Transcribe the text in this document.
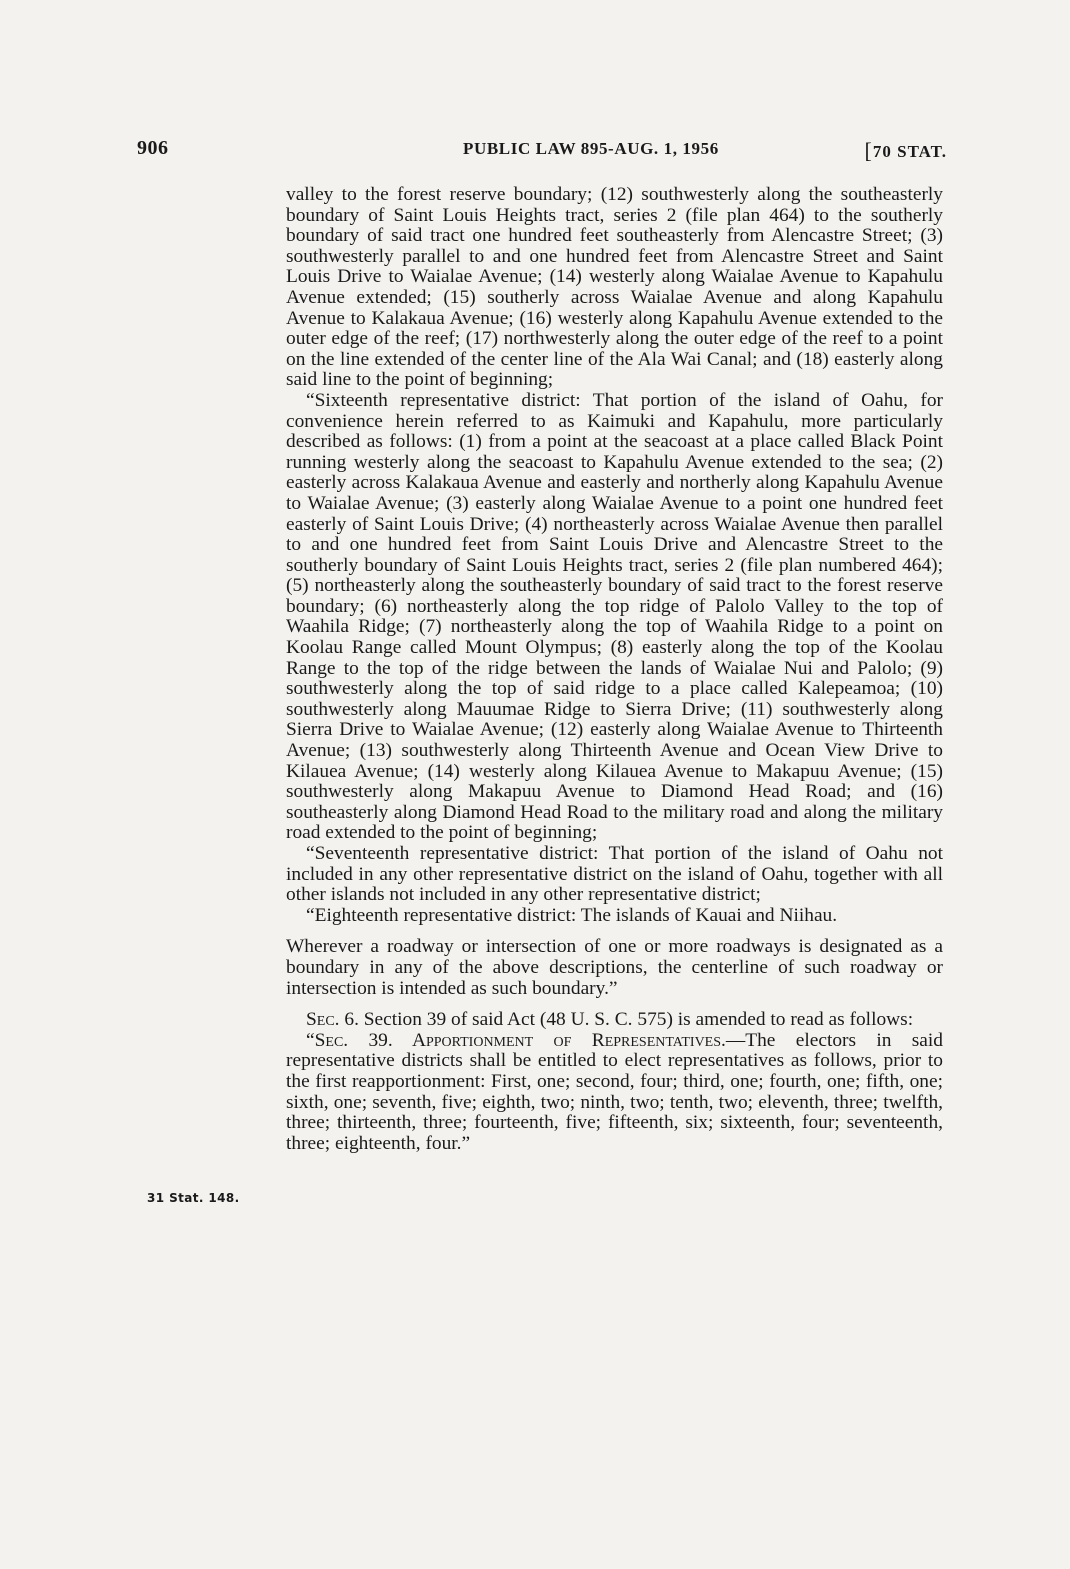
906	PUBLIC LAW 895-AUG. 1, 1956	[70 STAT.
31 Stat. 148.

valley to the forest reserve boundary; (12) southwesterly along the southeasterly boundary of Saint Louis Heights tract, series 2 (file plan 464) to the southerly boundary of said tract one hundred feet southeasterly from Alencastre Street; (3) southwesterly parallel to and one hundred feet from Alencastre Street and Saint Louis Drive to Waialae Avenue; (14) westerly along Waialae Avenue to Kapahulu Avenue extended; (15) southerly across Waialae Avenue and along Kapahulu Avenue to Kalakaua Avenue; (16) westerly along Kapahulu Avenue extended to the outer edge of the reef; (17) northwesterly along the outer edge of the reef to a point on the line extended of the center line of the Ala Wai Canal; and (18) easterly along said line to the point of beginning;

“Sixteenth representative district: That portion of the island of Oahu, for convenience herein referred to as Kaimuki and Kapahulu, more particularly described as follows: (1) from a point at the seacoast at a place called Black Point running westerly along the seacoast to Kapahulu Avenue extended to the sea; (2) easterly across Kalakaua Avenue and easterly and northerly along Kapahulu Avenue to Waialae Avenue; (3) easterly along Waialae Avenue to a point one hundred feet easterly of Saint Louis Drive; (4) northeasterly across Waialae Avenue then parallel to and one hundred feet from Saint Louis Drive and Alencastre Street to the southerly boundary of Saint Louis Heights tract, series 2 (file plan numbered 464); (5) northeasterly along the southeasterly boundary of said tract to the forest reserve boundary; (6) northeasterly along the top ridge of Palolo Valley to the top of Waahila Ridge; (7) northeasterly along the top of Waahila Ridge to a point on Koolau Range called Mount Olympus; (8) easterly along the top of the Koolau Range to the top of the ridge between the lands of Waialae Nui and Palolo; (9) southwesterly along the top of said ridge to a place called Kalepeamoa; (10) southwesterly along Mauumae Ridge to Sierra Drive; (11) southwesterly along Sierra Drive to Waialae Avenue; (12) easterly along Waialae Avenue to Thirteenth Avenue; (13) southwesterly along Thirteenth Avenue and Ocean View Drive to Kilauea Avenue; (14) westerly along Kilauea Avenue to Makapuu Avenue; (15) southwesterly along Makapuu Avenue to Diamond Head Road; and (16) southeasterly along Diamond Head Road to the military road and along the military road extended to the point of beginning;

“Seventeenth representative district: That portion of the island of Oahu not included in any other representative district on the island of Oahu, together with all other islands not included in any other representative district;

“Eighteenth representative district: The islands of Kauai and Niihau.

Wherever a roadway or intersection of one or more roadways is designated as a boundary in any of the above descriptions, the centerline of such roadway or intersection is intended as such boundary.”

Sec. 6. Section 39 of said Act (48 U. S. C. 575) is amended to read as follows:

“Sec. 39. Apportionment of Representatives.—The electors in said representative districts shall be entitled to elect representatives as follows, prior to the first reapportionment: First, one; second, four; third, one; fourth, one; fifth, one; sixth, one; seventh, five; eighth, two; ninth, two; tenth, two; eleventh, three; twelfth, three; thirteenth, three; fourteenth, five; fifteenth, six; sixteenth, four; seventeenth, three; eighteenth, four.”
